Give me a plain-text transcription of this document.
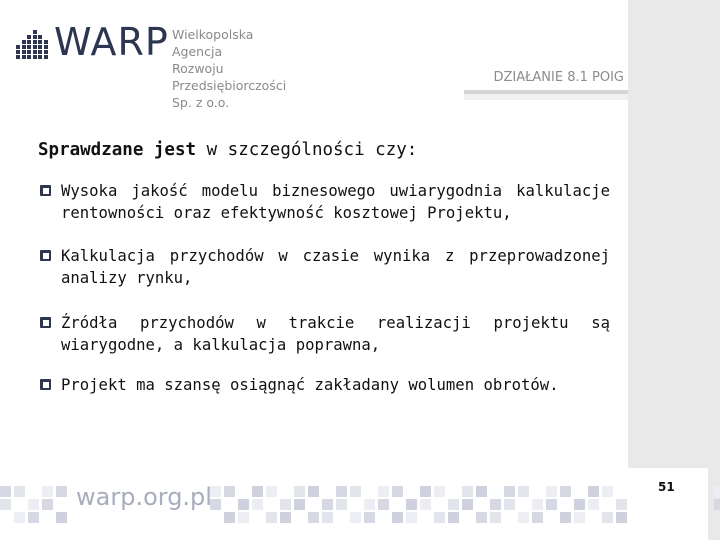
WARP Wielkopolska Agencja
Rozwoju Przedsiębiorczości Sp. z o.o.
DZIAŁANIE 8.1 POIG
Sprawdzane jest w szczególności czy:
Wysoka jakość modelu biznesowego uwiarygodnia kalkulacje rentowności oraz efektywność kosztowej Projektu,
Kalkulacja przychodów w czasie wynika z przeprowadzonej analizy rynku,
Źródła przychodów w trakcie realizacji projektu są wiarygodne, a kalkulacja poprawna,
Projekt ma szansę osiągnąć zakładany wolumen obrotów.
warp.org.pl	51
